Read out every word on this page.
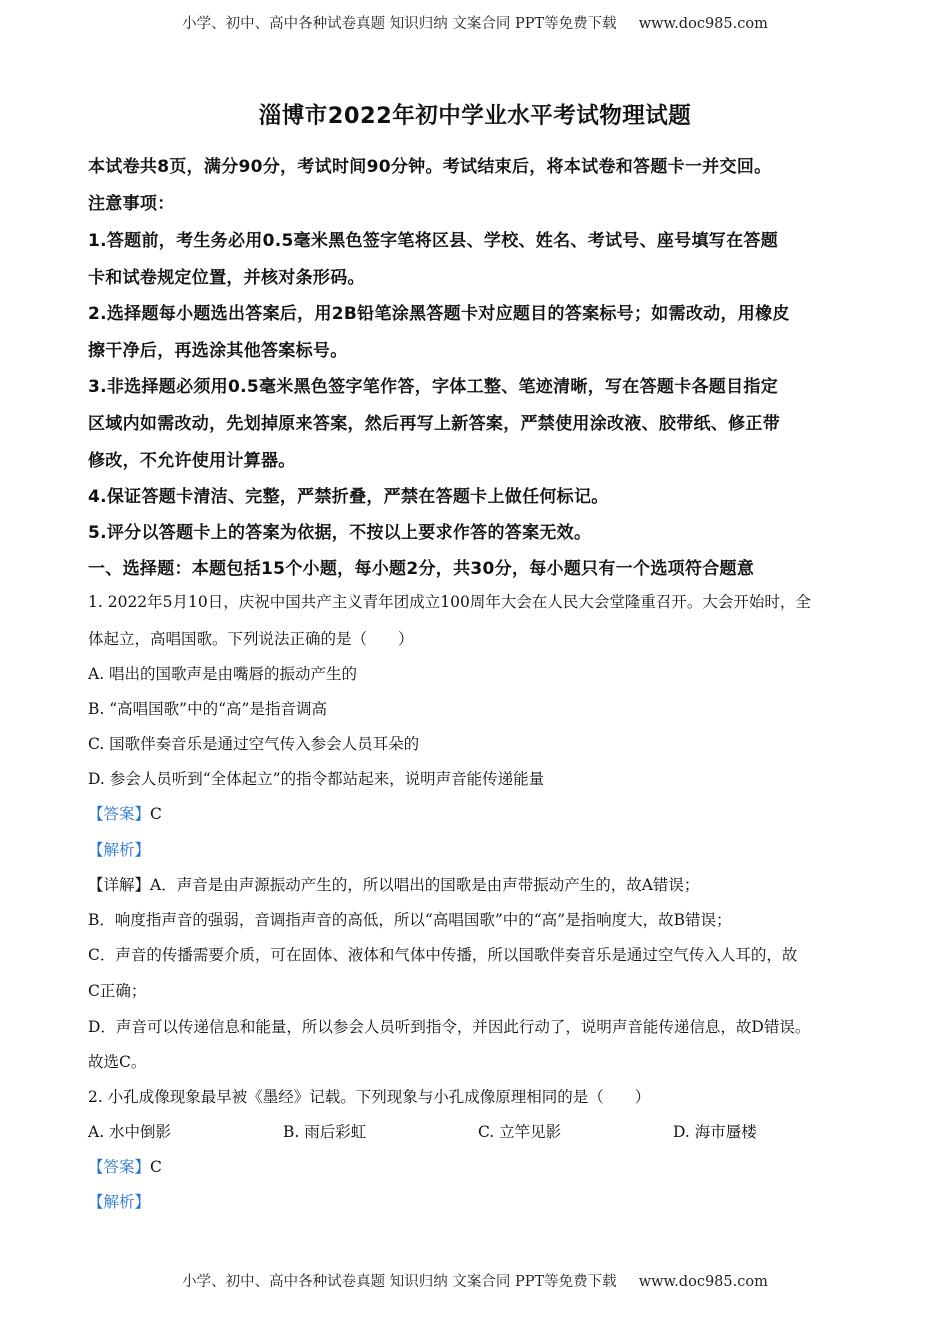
小学、初中、高中各种试卷真题 知识归纳 文案合同 PPT等免费下载 www.doc985.com
淄博市2022年初中学业水平考试物理试题
本试卷共8页，满分90分，考试时间90分钟。考试结束后，将本试卷和答题卡一并交回。
注意事项：
1.答题前，考生务必用0.5毫米黑色签字笔将区县、学校、姓名、考试号、座号填写在答题
卡和试卷规定位置，并核对条形码。
2.选择题每小题选出答案后，用2B铅笔涂黑答题卡对应题目的答案标号；如需改动，用橡皮
擦干净后，再选涂其他答案标号。
3.非选择题必须用0.5毫米黑色签字笔作答，字体工整、笔迹清晰，写在答题卡各题目指定
区域内如需改动，先划掉原来答案，然后再写上新答案，严禁使用涂改液、胶带纸、修正带
修改，不允许使用计算器。
4.保证答题卡清洁、完整，严禁折叠，严禁在答题卡上做任何标记。
5.评分以答题卡上的答案为依据，不按以上要求作答的答案无效。
一、选择题：本题包括15个小题，每小题2分，共30分，每小题只有一个选项符合题意
1. 2022年5月10日，庆祝中国共产主义青年团成立100周年大会在人民大会堂隆重召开。大会开始时，全
体起立，高唱国歌。下列说法正确的是（　　）
A. 唱出的国歌声是由嘴唇的振动产生的
B. “高唱国歌”中的“高”是指音调高
C. 国歌伴奏音乐是通过空气传入参会人员耳朵的
D. 参会人员听到“全体起立”的指令都站起来，说明声音能传递能量
【答案】C
【解析】
【详解】A．声音是由声源振动产生的，所以唱出的国歌是由声带振动产生的，故A错误；
B．响度指声音的强弱，音调指声音的高低，所以“高唱国歌”中的“高”是指响度大，故B错误；
C．声音的传播需要介质，可在固体、液体和气体中传播，所以国歌伴奏音乐是通过空气传入人耳的，故
C正确；
D．声音可以传递信息和能量，所以参会人员听到指令，并因此行动了，说明声音能传递信息，故D错误。
故选C。
2. 小孔成像现象最早被《墨经》记载。下列现象与小孔成像原理相同的是（　　）
A. 水中倒影	B. 雨后彩虹	C. 立竿见影	D. 海市蜃楼
【答案】C
【解析】
小学、初中、高中各种试卷真题 知识归纳 文案合同 PPT等免费下载 www.doc985.com
